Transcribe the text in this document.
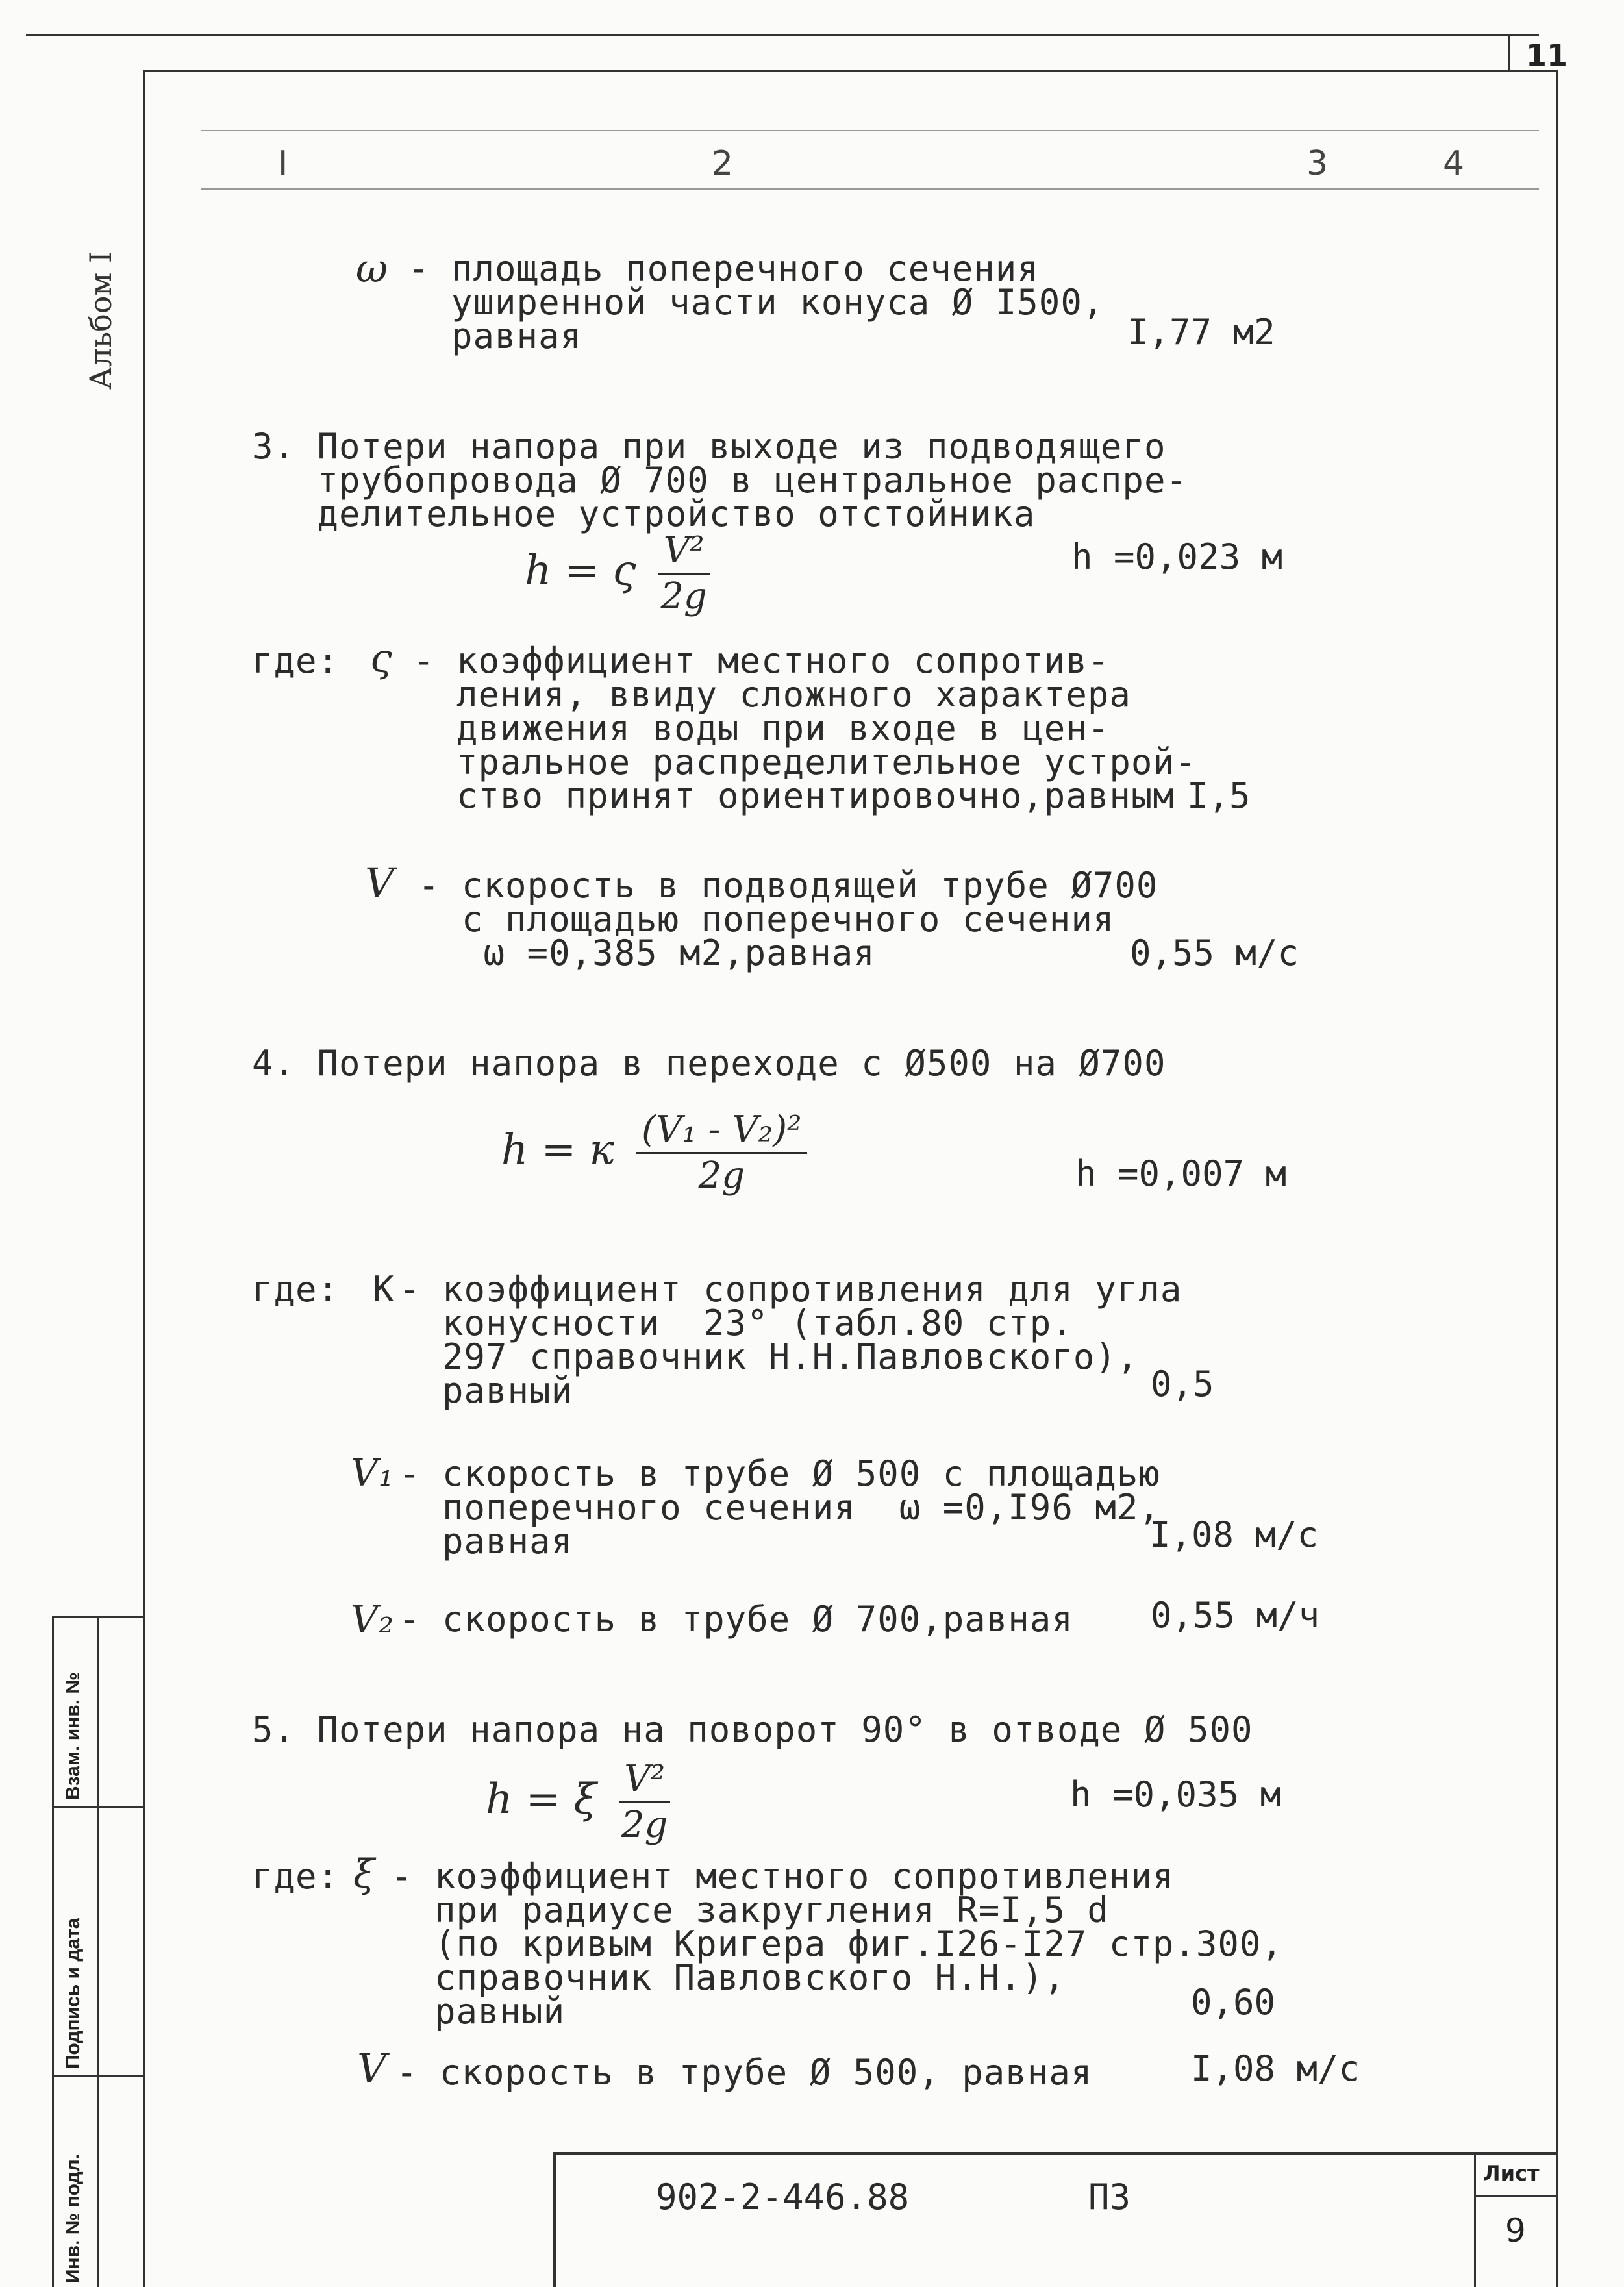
11
I	2	3	4
Альбом I	ω - площадь поперечного сечения
уширенной части конуса Ø I500,
равная	I,77 м2
3. Потери напора при выходе из подводящего
трубопровода Ø 700 в центральное распре-
делительное устройство отстойника
h = ς $\frac{\text{V²}}{2g}$	h =0,023 м
где: ς - коэффициент местного сопротив-
ления, ввиду сложного характера
движения воды при входе в цен-
тральное распределительное устрой-
ство принят ориентировочно,равным I,5
V - скорость в подводящей трубе Ø700
с площадью поперечного сечения
ω =0,385 м2,равная	0,55 м/с
4. Потери напора в переходе с Ø500 на Ø700
h = к $\frac{\text{(V₁ - V₂)²}}{2g}$	h =0,007 м
где: К - коэффициент сопротивления для угла
конусности  23° (табл.80 стр.
297 справочник Н.Н.Павловского),
равный	0,5
V₁ - скорость в трубе Ø 500 с площадью
поперечного сечения  ω =0,I96 м2,
равная	I,08 м/с
V₂ - скорость в трубе Ø 700,равная 0,55 м/ч
5. Потери напора на поворот 90° в отводе Ø 500
h = ξ $\frac{\text{V²}}{2g}$	h =0,035 м
где: ξ - коэффициент местного сопротивления
при радиусе закругления R=I,5 d
(по кривым Кригера фиг.I26-I27 стр.300,
справочник Павловского Н.Н.),
равный	0,60
V - скорость в трубе Ø 500, равная	I,08 м/с
Взам. инв. №
Подпись и дата
Инв. № подл.	902-2-446.88	ПЗ
Лист
9
